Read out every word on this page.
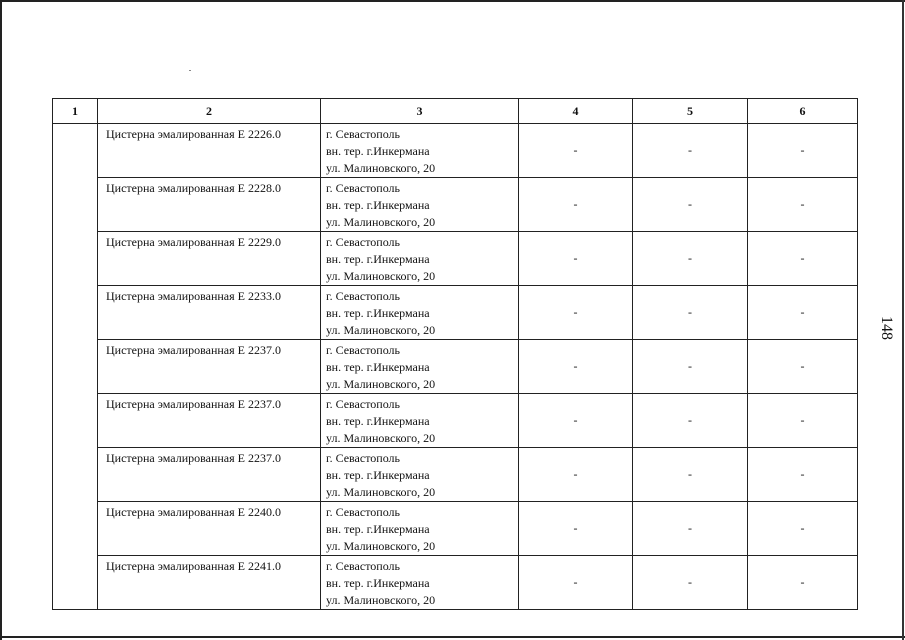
1	2	3	4	5	6
	Цистерна эмалированная Е 2226.0	г. Севастополь
вн. тер. г.Инкермана
ул. Малиновского, 20	-	-	-
	Цистерна эмалированная Е 2228.0	г. Севастополь
вн. тер. г.Инкермана
ул. Малиновского, 20	-	-	-
	Цистерна эмалированная Е 2229.0	г. Севастополь
вн. тер. г.Инкермана
ул. Малиновского, 20	-	-	-
	Цистерна эмалированная Е 2233.0	г. Севастополь
вн. тер. г.Инкермана
ул. Малиновского, 20	-	-	-
	Цистерна эмалированная Е 2237.0	г. Севастополь
вн. тер. г.Инкермана
ул. Малиновского, 20	-	-	-
	Цистерна эмалированная Е 2237.0	г. Севастополь
вн. тер. г.Инкермана
ул. Малиновского, 20	-	-	-
	Цистерна эмалированная Е 2237.0	г. Севастополь
вн. тер. г.Инкермана
ул. Малиновского, 20	-	-	-
	Цистерна эмалированная Е 2240.0	г. Севастополь
вн. тер. г.Инкермана
ул. Малиновского, 20	-	-	-
	Цистерна эмалированная Е 2241.0	г. Севастополь
вн. тер. г.Инкермана
ул. Малиновского, 20	-	-	-
148
